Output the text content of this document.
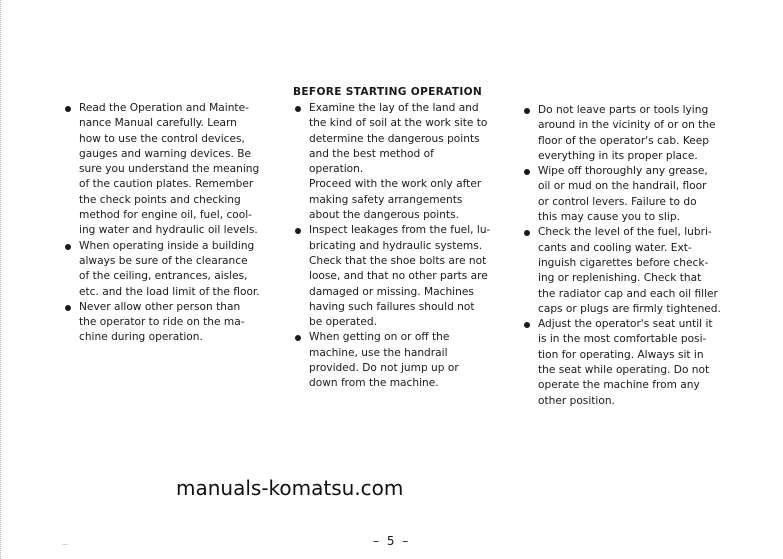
BEFORE STARTING OPERATION
Read the Operation and Mainte-
nance Manual carefully. Learn
how to use the control devices,
gauges and warning devices. Be
sure you understand the meaning
of the caution plates. Remember
the check points and checking
method for engine oil, fuel, cool-
ing water and hydraulic oil levels.
When operating inside a building
always be sure of the clearance
of the ceiling, entrances, aisles,
etc. and the load limit of the floor.
Never allow other person than
the operator to ride on the ma-
chine during operation.
Examine the lay of the land and
the kind of soil at the work site to
determine the dangerous points
and the best method of
operation.
Proceed with the work only after
making safety arrangements
about the dangerous points.
Inspect leakages from the fuel, lu-
bricating and hydraulic systems.
Check that the shoe bolts are not
loose, and that no other parts are
damaged or missing. Machines
having such failures should not
be operated.
When getting on or off the
machine, use the handrail
provided. Do not jump up or
down from the machine.
Do not leave parts or tools lying
around in the vicinity of or on the
floor of the operator's cab. Keep
everything in its proper place.
Wipe off thoroughly any grease,
oil or mud on the handrail, floor
or control levers. Failure to do
this may cause you to slip.
Check the level of the fuel, lubri-
cants and cooling water. Ext-
inguish cigarettes before check-
ing or replenishing. Check that
the radiator cap and each oil filler
caps or plugs are firmly tightened.
Adjust the operator's seat until it
is in the most comfortable posi-
tion for operating. Always sit in
the seat while operating. Do not
operate the machine from any
other position.
manuals-komatsu.com
– 5 –
···
